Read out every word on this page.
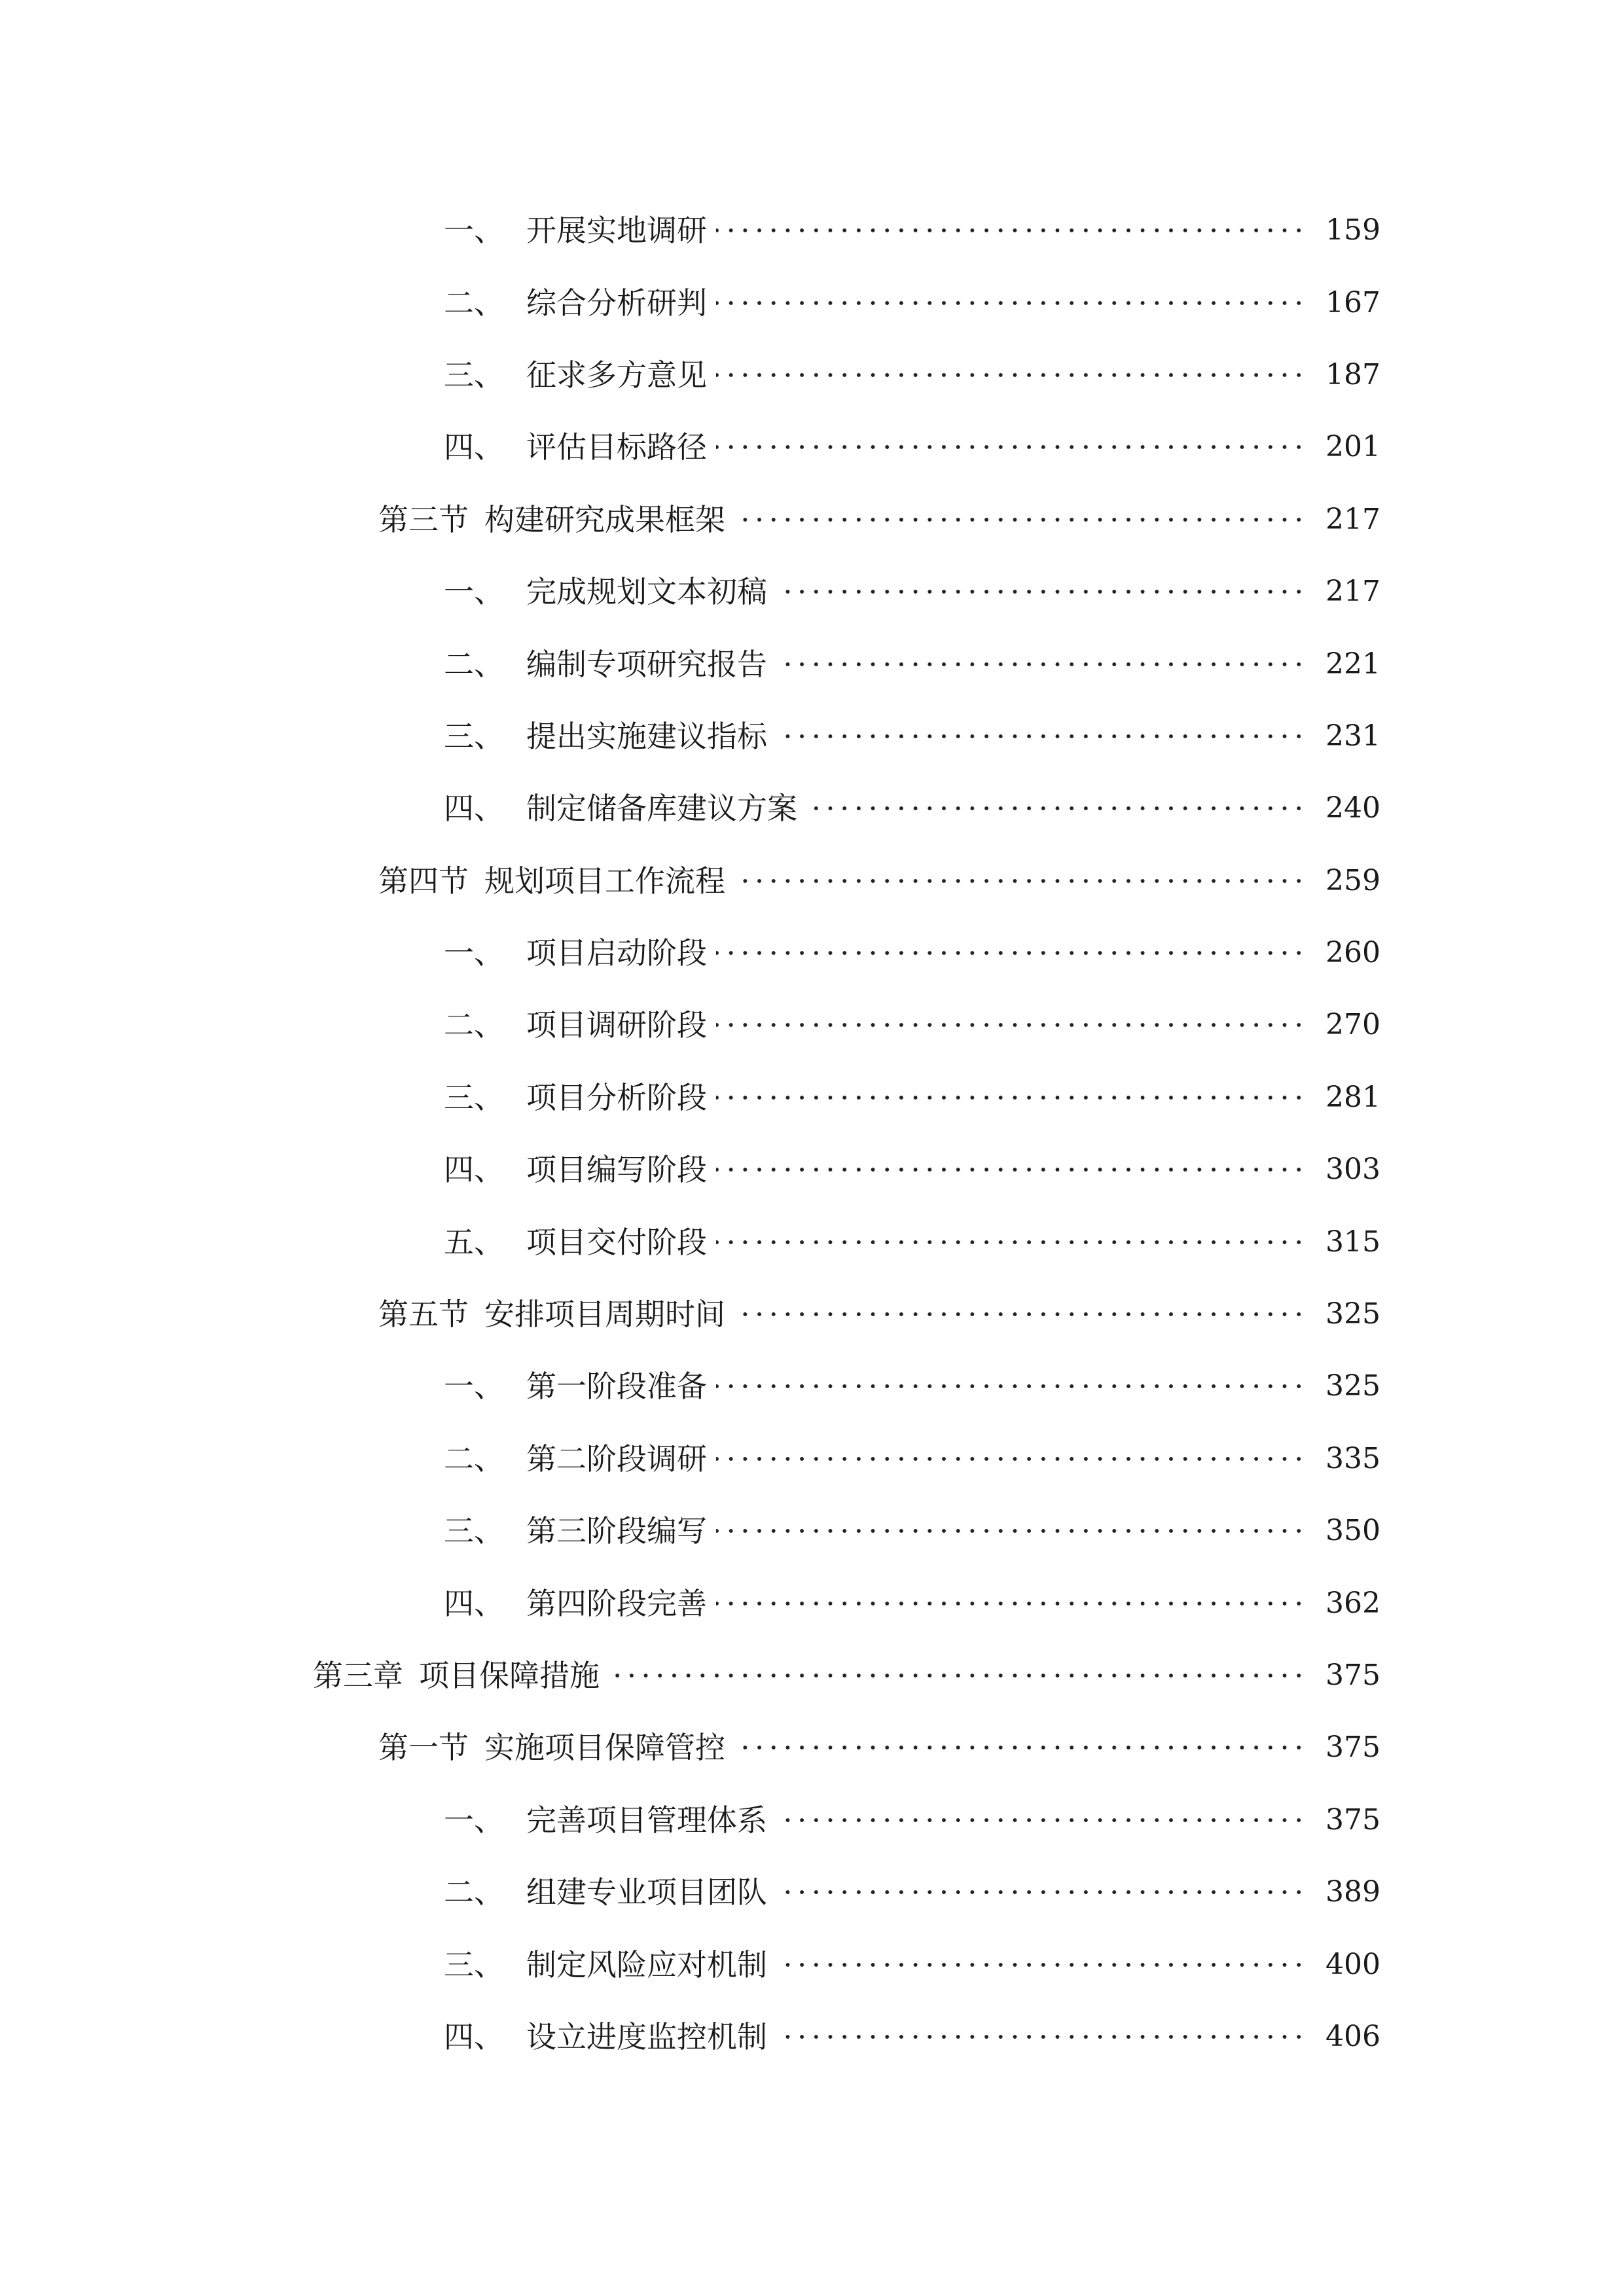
一、 开展实地调研	159
二、 综合分析研判	167
三、 征求多方意见	187
四、 评估目标路径	201
第三节 构建研究成果框架	217
一、 完成规划文本初稿	217
二、 编制专项研究报告	221
三、 提出实施建议指标	231
四、 制定储备库建议方案	240
第四节 规划项目工作流程	259
一、 项目启动阶段	260
二、 项目调研阶段	270
三、 项目分析阶段	281
四、 项目编写阶段	303
五、 项目交付阶段	315
第五节 安排项目周期时间	325
一、 第一阶段准备	325
二、 第二阶段调研	335
三、 第三阶段编写	350
四、 第四阶段完善	362
第三章 项目保障措施	375
第一节 实施项目保障管控	375
一、 完善项目管理体系	375
二、 组建专业项目团队	389
三、 制定风险应对机制	400
四、 设立进度监控机制	406
